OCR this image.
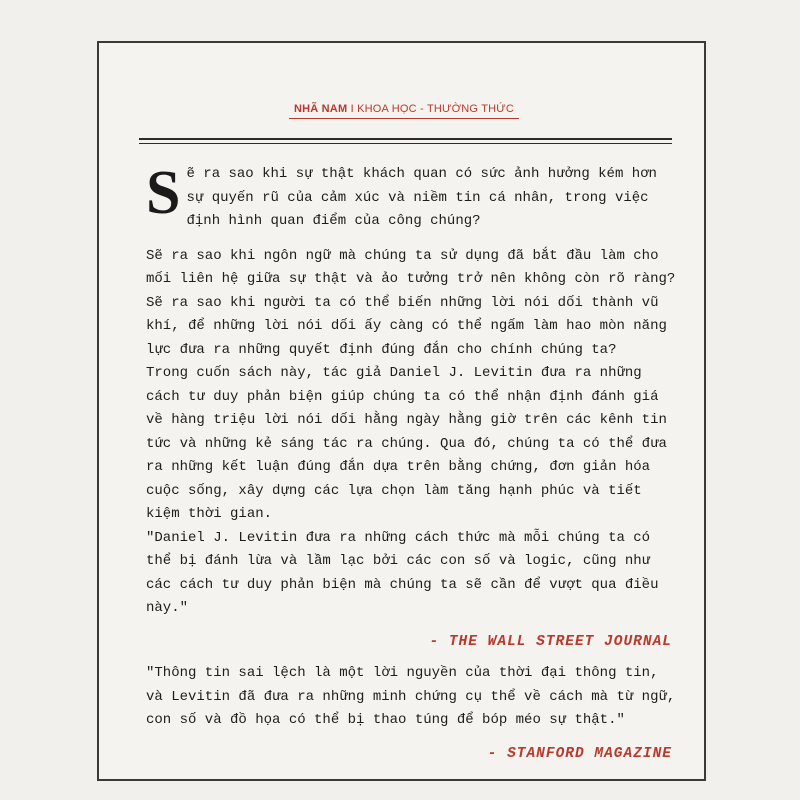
NHÃ NAM I KHOA HỌC - THƯỜNG THỨC

Sẽ ra sao khi sự thật khách quan có sức ảnh hưởng kém hơn sự quyến rũ của cảm xúc và niềm tin cá nhân, trong việc định hình quan điểm của công chúng?

Sẽ ra sao khi ngôn ngữ mà chúng ta sử dụng đã bắt đầu làm cho mối liên hệ giữa sự thật và ảo tưởng trở nên không còn rõ ràng?

Sẽ ra sao khi người ta có thể biến những lời nói dối thành vũ khí, để những lời nói dối ấy càng có thể ngấm làm hao mòn năng lực đưa ra những quyết định đúng đắn cho chính chúng ta?

Trong cuốn sách này, tác giả Daniel J. Levitin đưa ra những cách tư duy phản biện giúp chúng ta có thể nhận định đánh giá về hàng triệu lời nói dối hằng ngày hằng giờ trên các kênh tin tức và những kẻ sáng tác ra chúng. Qua đó, chúng ta có thể đưa ra những kết luận đúng đắn dựa trên bằng chứng, đơn giản hóa cuộc sống, xây dựng các lựa chọn làm tăng hạnh phúc và tiết kiệm thời gian.

"Daniel J. Levitin đưa ra những cách thức mà mỗi chúng ta có thể bị đánh lừa và lầm lạc bởi các con số và logic, cũng như các cách tư duy phản biện mà chúng ta sẽ cần để vượt qua điều này."

- THE WALL STREET JOURNAL

"Thông tin sai lệch là một lời nguyền của thời đại thông tin, và Levitin đã đưa ra những minh chứng cụ thể về cách mà từ ngữ, con số và đồ họa có thể bị thao túng để bóp méo sự thật."

- STANFORD MAGAZINE
